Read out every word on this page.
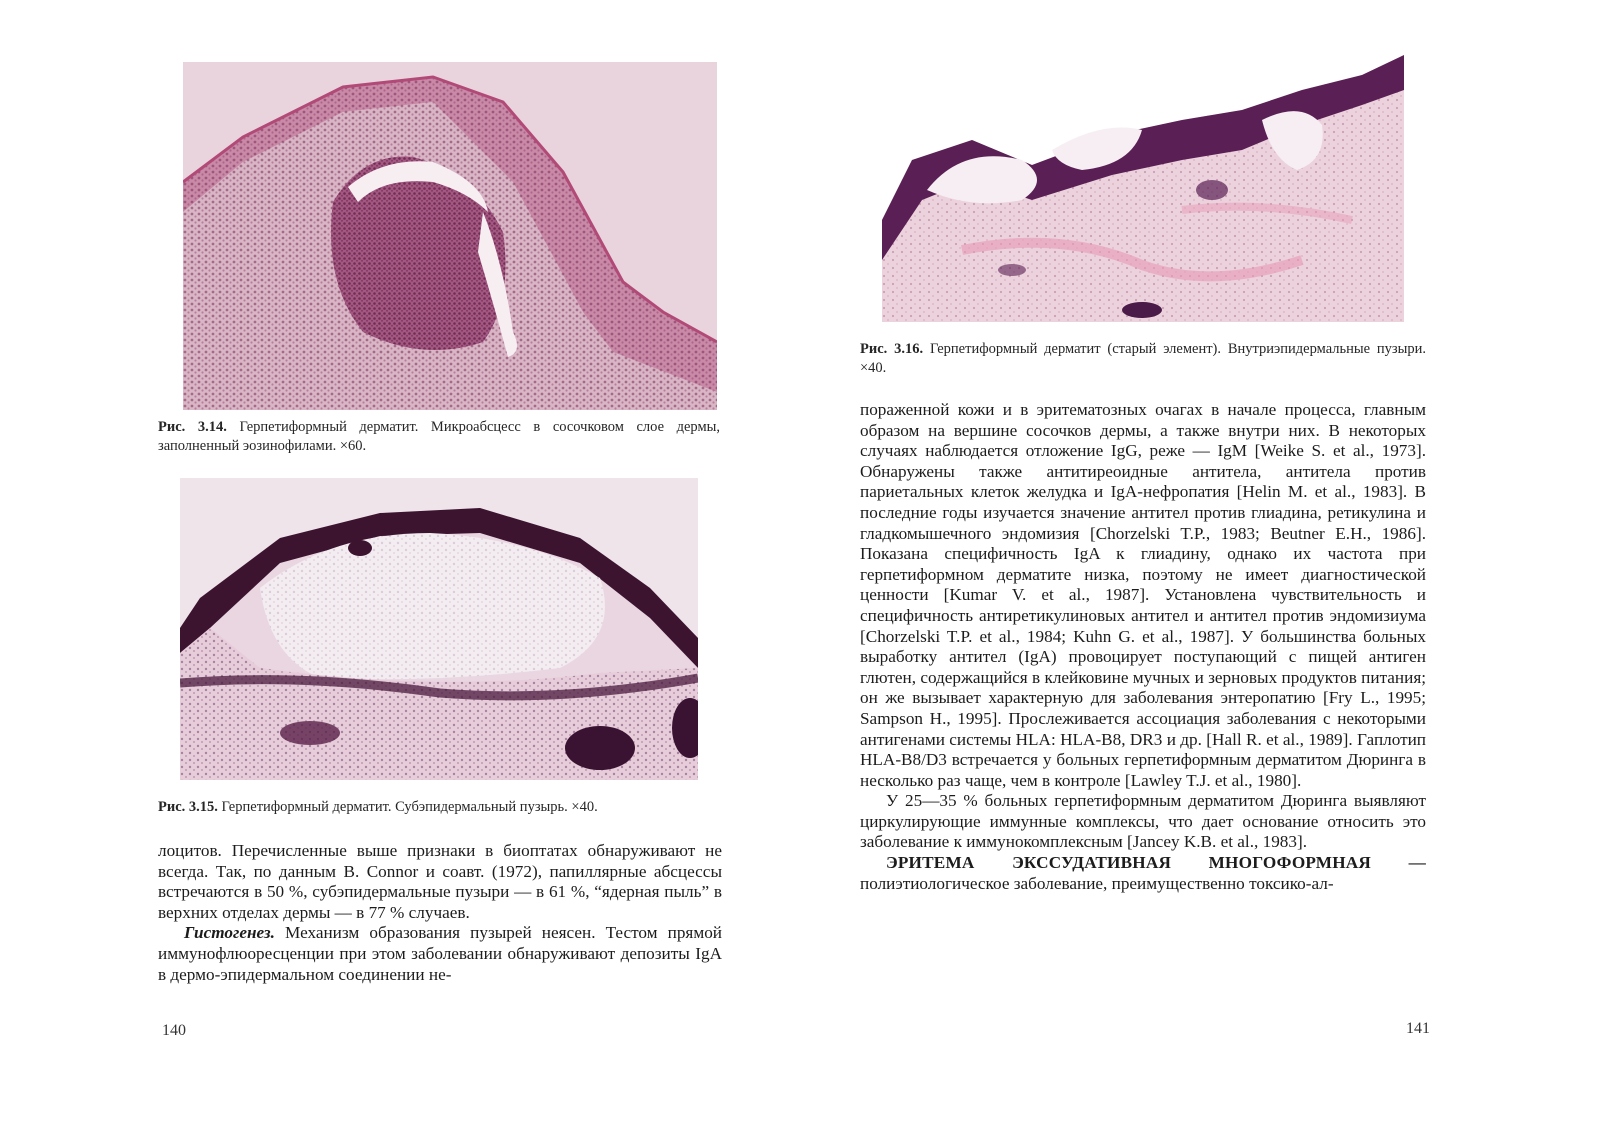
Рис. 3.14. Герпетиформный дерматит. Микроабсцесс в сосочковом слое дермы, заполненный эозинофилами. ×60.
Рис. 3.15. Герпетиформный дерматит. Субэпидермальный пузырь. ×40.

лоцитов. Перечисленные выше признаки в биоптатах обнаруживают не всегда. Так, по данным B. Connor и соавт. (1972), папиллярные абсцессы встречаются в 50 %, субэпидермальные пузыри — в 61 %, “ядерная пыль” в верхних отделах дермы — в 77 % случаев.

Гистогенез. Механизм образования пузырей неясен. Тестом прямой иммунофлюоресценции при этом заболевании обнаруживают депозиты IgA в дермо-эпидермальном соединении не-

140
Рис. 3.16. Герпетиформный дерматит (старый элемент). Внутриэпидермальные пузыри. ×40.

пораженной кожи и в эритематозных очагах в начале процесса, главным образом на вершине сосочков дермы, а также внутри них. В некоторых случаях наблюдается отложение IgG, реже — IgM [Weike S. et al., 1973]. Обнаружены также антитиреоидные антитела, антитела против париетальных клеток желудка и IgA-нефропатия [Helin M. et al., 1983]. В последние годы изучается значение антител против глиадина, ретикулина и гладкомышечного эндомизия [Chorzelski T.P., 1983; Beutner E.H., 1986]. Показана специфичность IgA к глиадину, однако их частота при герпетиформном дерматите низка, поэтому не имеет диагностической ценности [Kumar V. et al., 1987]. Установлена чувствительность и специфичность антиретикулиновых антител и антител против эндомизиума [Chorzelski T.P. et al., 1984; Kuhn G. et al., 1987]. У большинства больных выработку антител (IgA) провоцирует поступающий с пищей антиген глютен, содержащийся в клейковине мучных и зерновых продуктов питания; он же вызывает характерную для заболевания энтеропатию [Fry L., 1995; Sampson H., 1995]. Прослеживается ассоциация заболевания с некоторыми антигенами системы HLA: HLA-B8, DR3 и др. [Hall R. et al., 1989]. Гаплотип HLA-B8/D3 встречается у больных герпетиформным дерматитом Дюринга в несколько раз чаще, чем в контроле [Lawley T.J. et al., 1980].

У 25—35 % больных герпетиформным дерматитом Дюринга выявляют циркулирующие иммунные комплексы, что дает основание относить это заболевание к иммунокомплексным [Jancey K.B. et al., 1983].

ЭРИТЕМА ЭКССУДАТИВНАЯ МНОГОФОРМНАЯ — полиэтиологическое заболевание, преимущественно токсико-ал-

141
